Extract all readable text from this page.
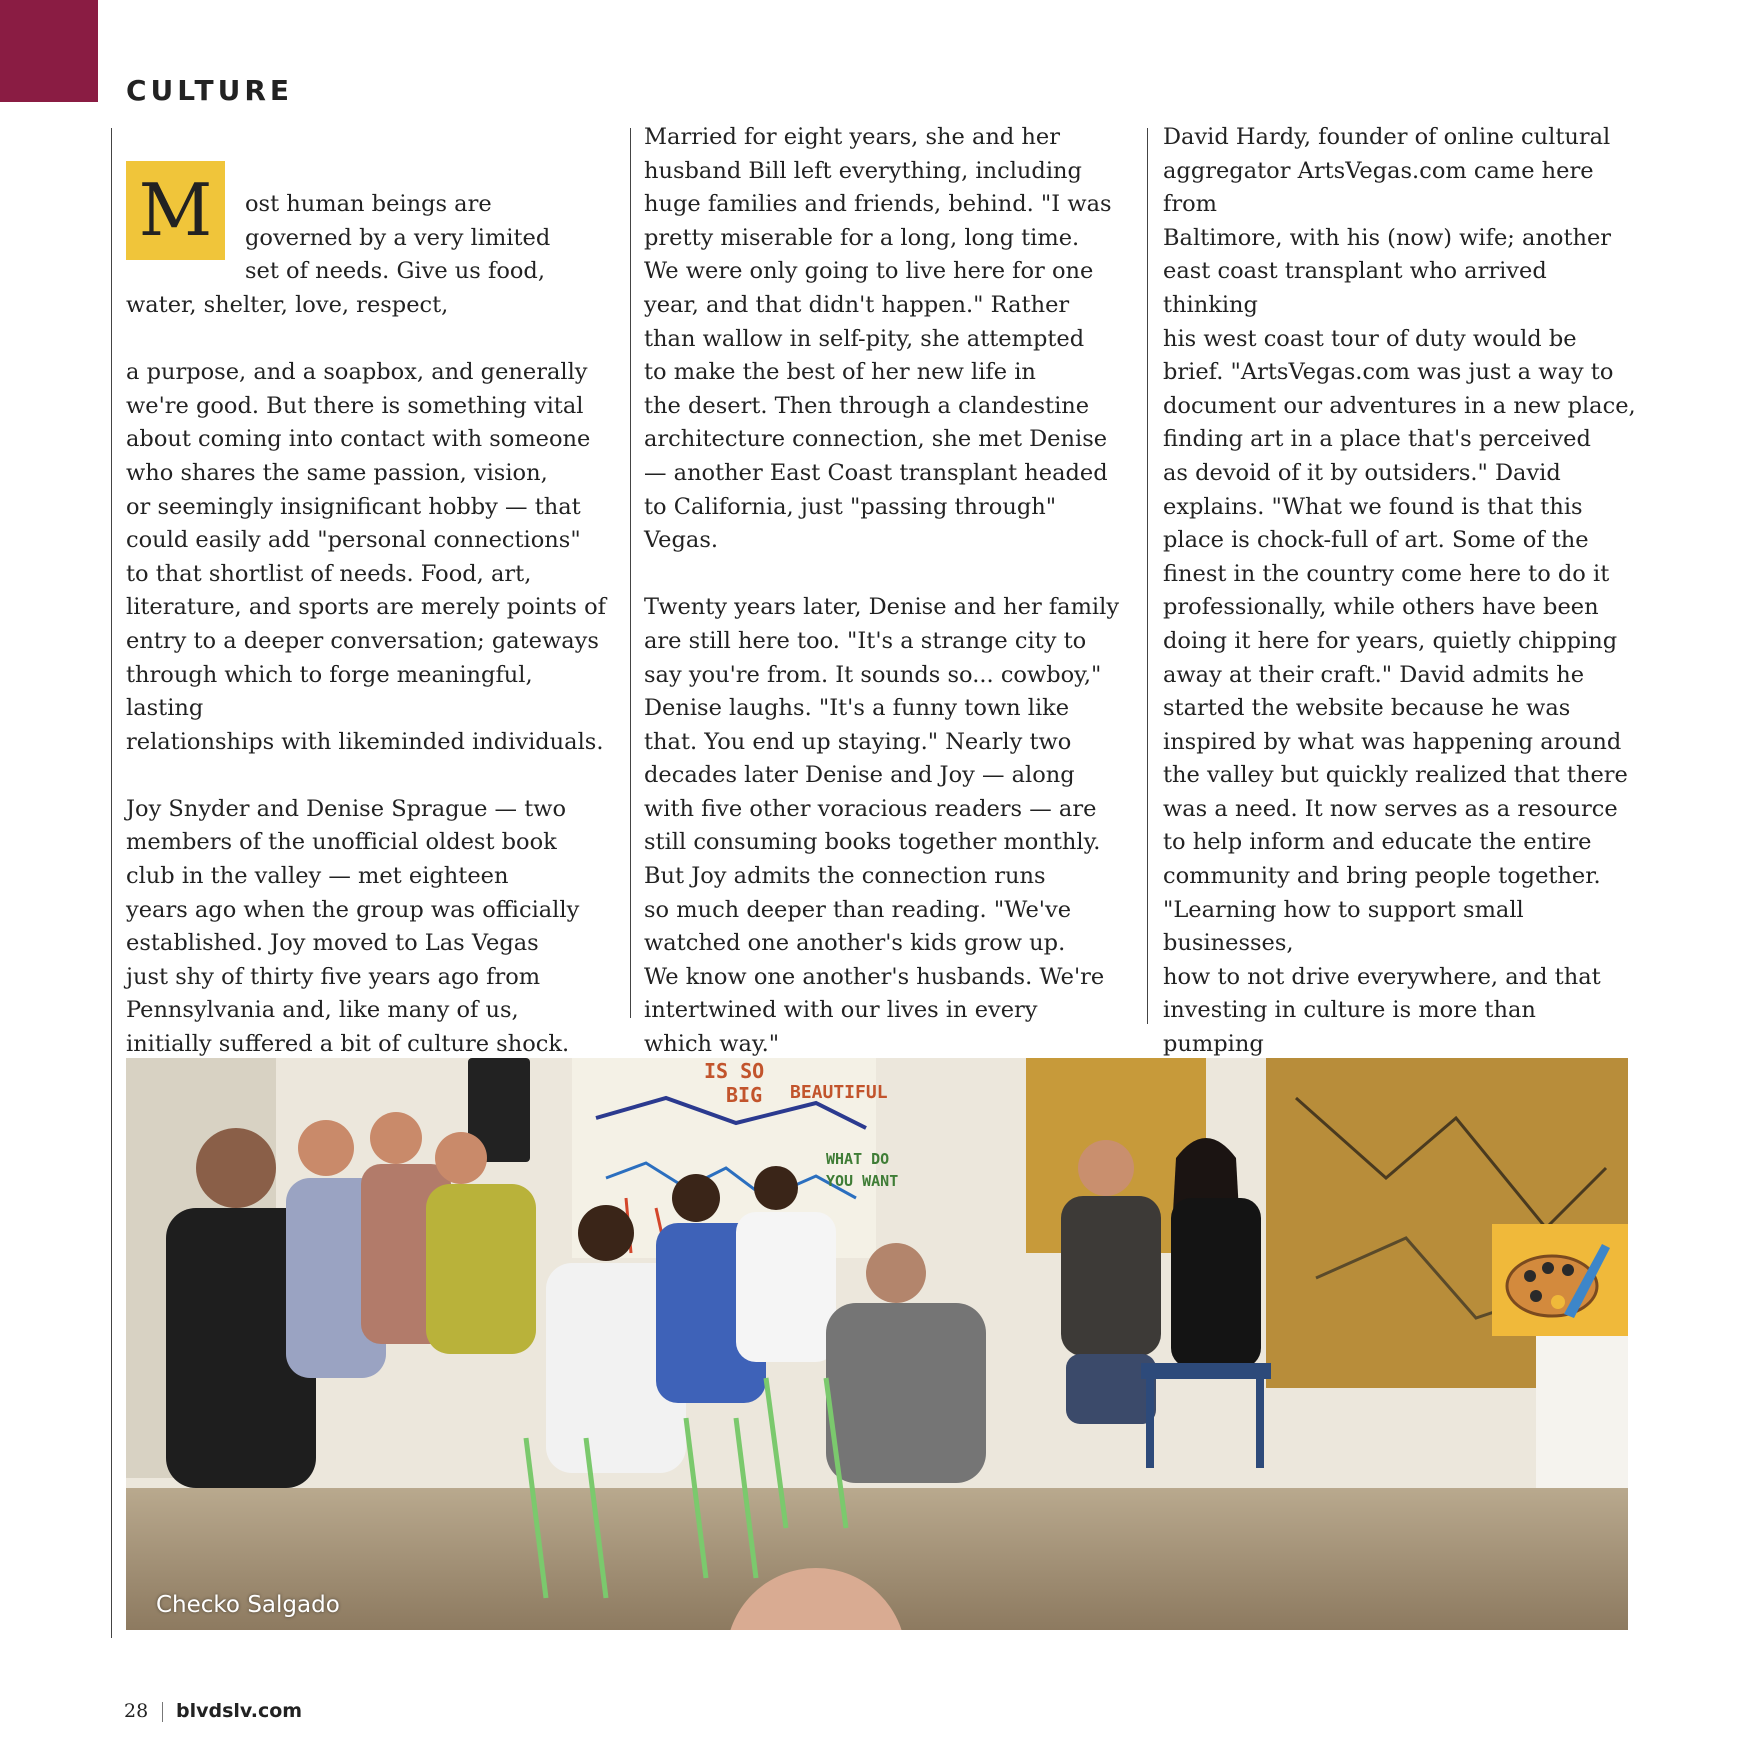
CULTURE

M	ost human beings are
governed by a very limited
set of needs. Give us food,
water, shelter, love, respect,

a purpose, and a soapbox, and generally
we're good. But there is something vital
about coming into contact with someone
who shares the same passion, vision,
or seemingly insignificant hobby — that
could easily add "personal connections"
to that shortlist of needs. Food, art,
literature, and sports are merely points of
entry to a deeper conversation; gateways
through which to forge meaningful, lasting
relationships with likeminded individuals.

Joy Snyder and Denise Sprague — two
members of the unofficial oldest book
club in the valley — met eighteen
years ago when the group was officially
established. Joy moved to Las Vegas
just shy of thirty five years ago from
Pennsylvania and, like many of us,
initially suffered a bit of culture shock.

Married for eight years, she and her
husband Bill left everything, including
huge families and friends, behind. "I was
pretty miserable for a long, long time.
We were only going to live here for one
year, and that didn't happen." Rather
than wallow in self-pity, she attempted
to make the best of her new life in
the desert. Then through a clandestine
architecture connection, she met Denise
— another East Coast transplant headed
to California, just "passing through" Vegas.

Twenty years later, Denise and her family
are still here too. "It's a strange city to
say you're from. It sounds so... cowboy,"
Denise laughs. "It's a funny town like
that. You end up staying." Nearly two
decades later Denise and Joy — along
with five other voracious readers — are
still consuming books together monthly.
But Joy admits the connection runs
so much deeper than reading. "We've
watched one another's kids grow up.
We know one another's husbands. We're
intertwined with our lives in every
which way."

David Hardy, founder of online cultural
aggregator ArtsVegas.com came here from
Baltimore, with his (now) wife; another
east coast transplant who arrived thinking
his west coast tour of duty would be
brief. "ArtsVegas.com was just a way to
document our adventures in a new place,
finding art in a place that's perceived
as devoid of it by outsiders." David
explains. "What we found is that this
place is chock-full of art. Some of the
finest in the country come here to do it
professionally, while others have been
doing it here for years, quietly chipping
away at their craft." David admits he
started the website because he was
inspired by what was happening around
the valley but quickly realized that there
was a need. It now serves as a resource
to help inform and educate the entire
community and bring people together.
"Learning how to support small businesses,
how to not drive everywhere, and that
investing in culture is more than pumping

IS SO
BIG BEAUTIFUL
WHAT DO
YOU WANT
Checko Salgado
28 blvdslv.com
